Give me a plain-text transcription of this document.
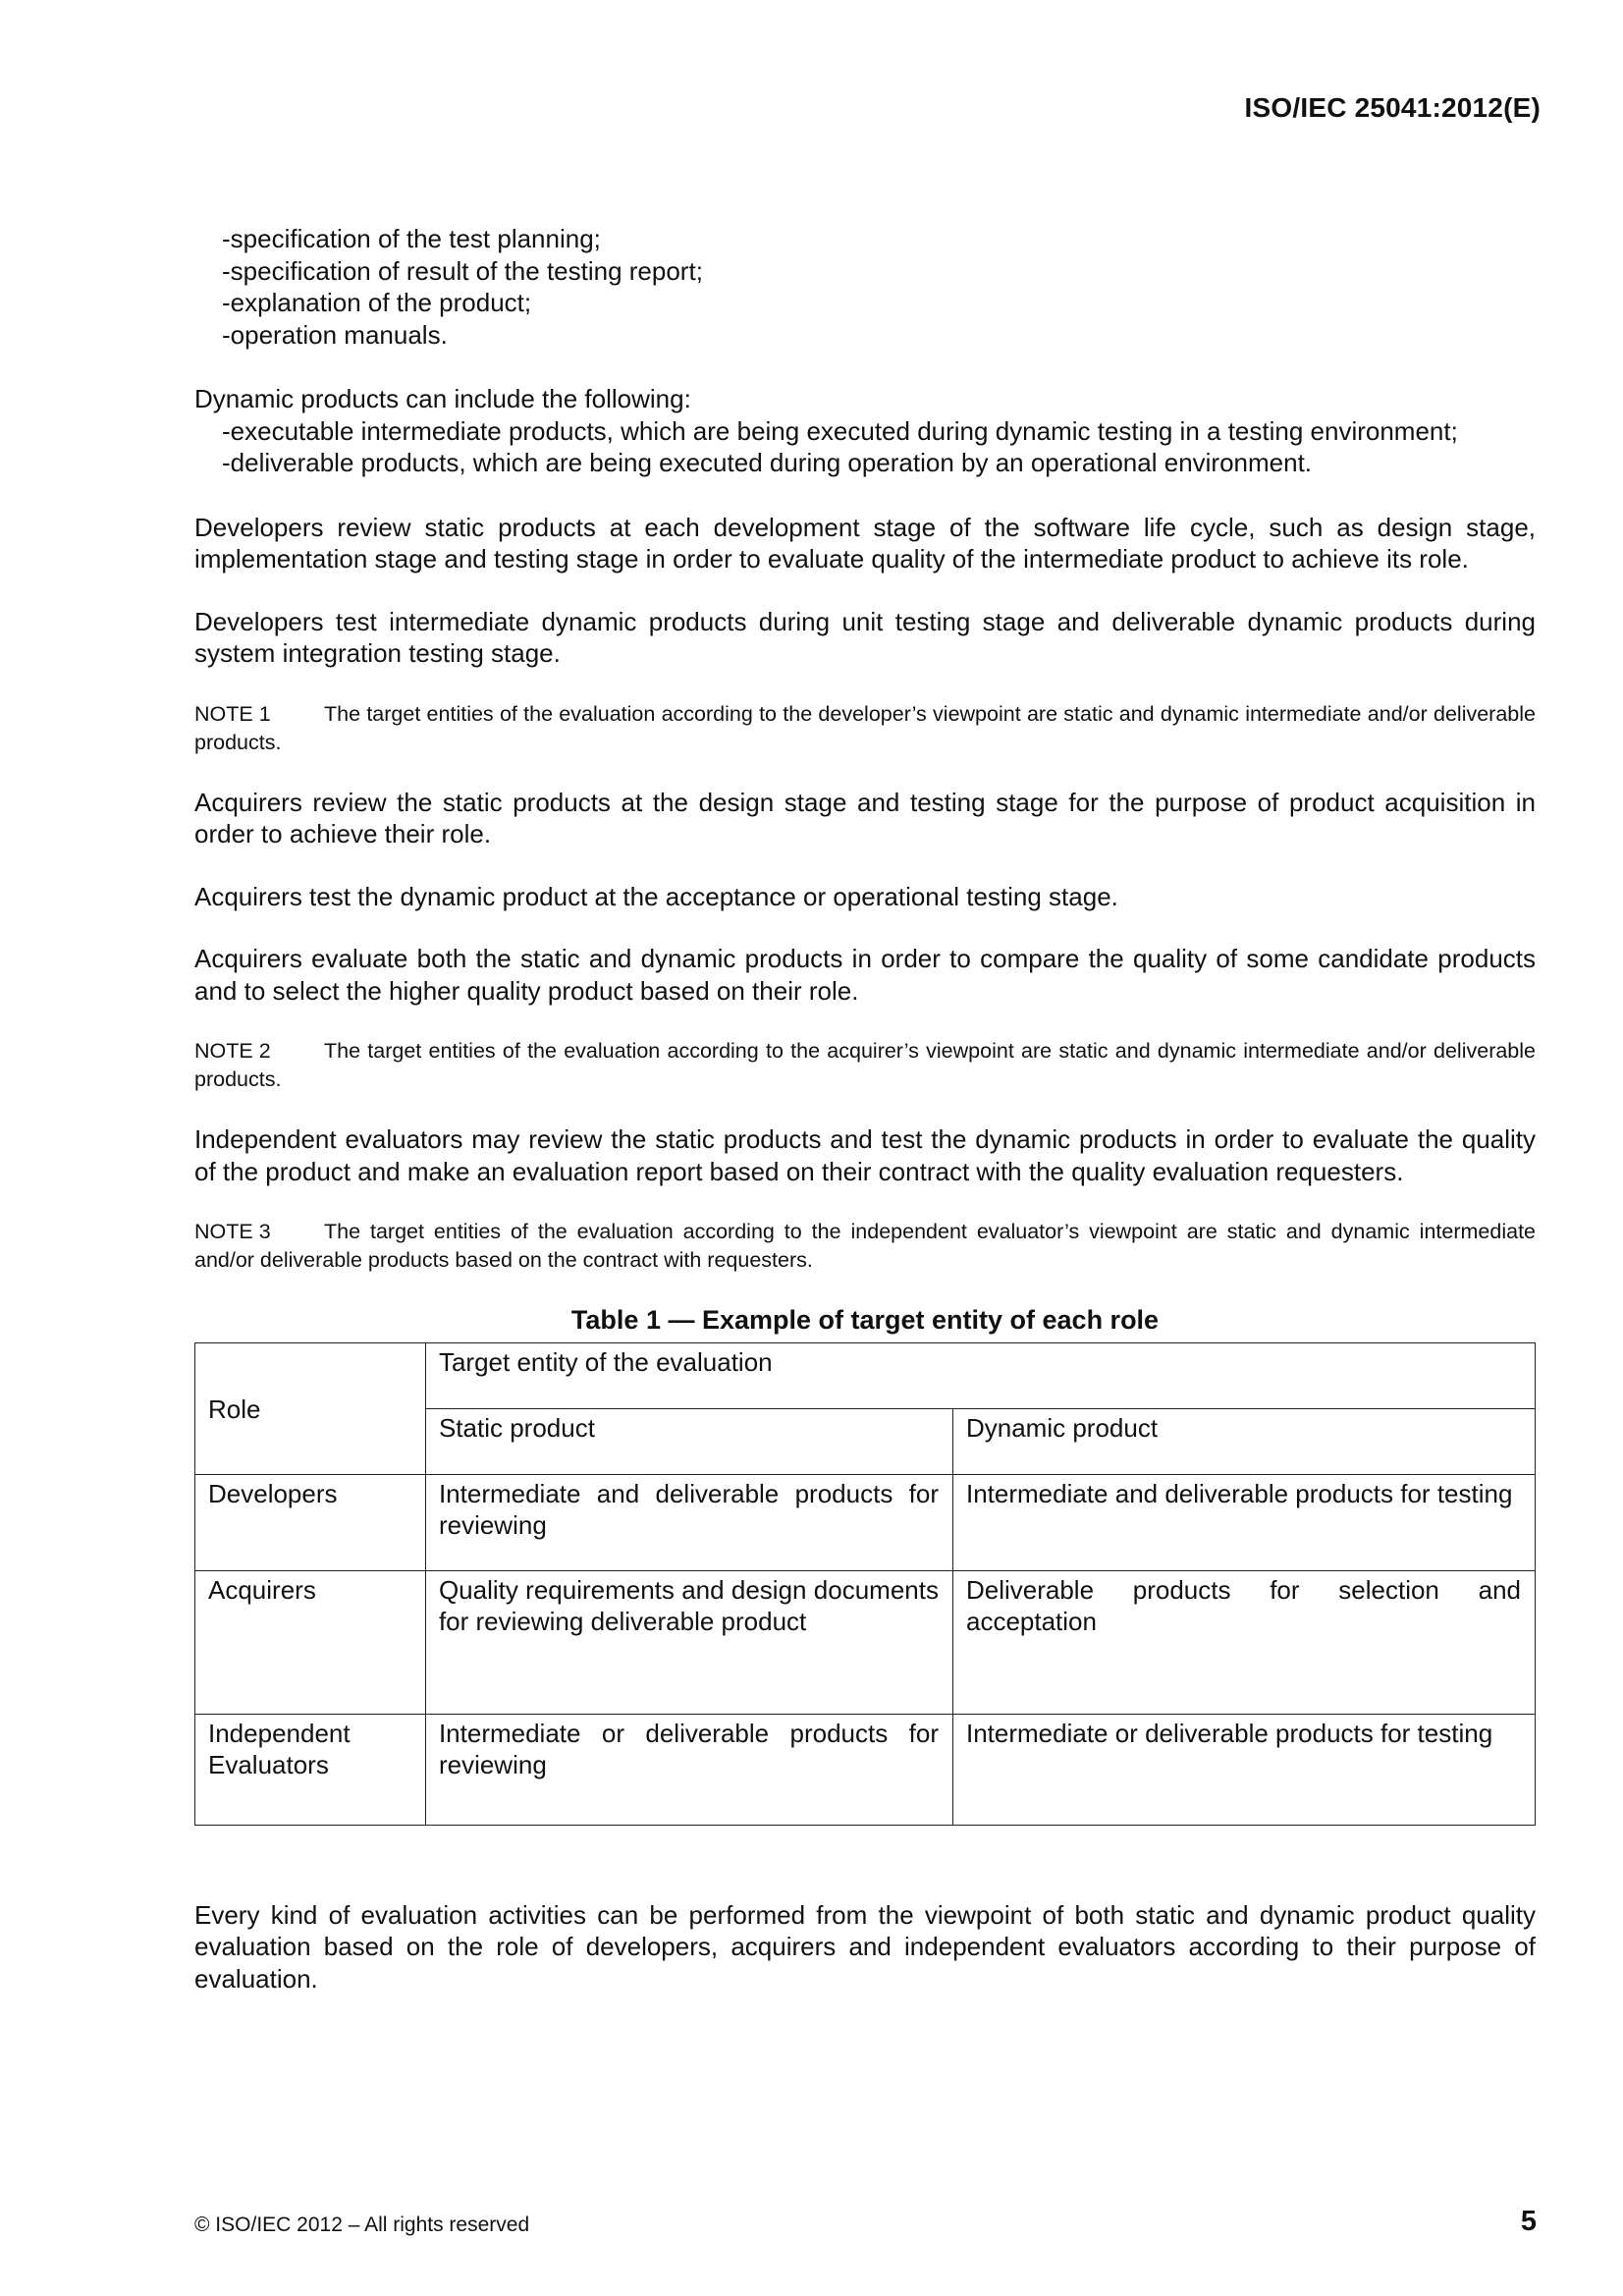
ISO/IEC 25041:2012(E)

-specification of the test planning;

-specification of result of the testing report;

-explanation of the product;

-operation manuals.

Dynamic products can include the following:

-executable intermediate products, which are being executed during dynamic testing in a testing environment;

-deliverable products, which are being executed during operation by an operational environment.

Developers review static products at each development stage of the software life cycle, such as design stage, implementation stage and testing stage in order to evaluate quality of the intermediate product to achieve its role.

Developers test intermediate dynamic products during unit testing stage and deliverable dynamic products during system integration testing stage.

NOTE 1	The target entities of the evaluation according to the developer’s viewpoint are static and dynamic intermediate and/or deliverable products.

Acquirers review the static products at the design stage and testing stage for the purpose of product acquisition in order to achieve their role.

Acquirers test the dynamic product at the acceptance or operational testing stage.

Acquirers evaluate both the static and dynamic products in order to compare the quality of some candidate products and to select the higher quality product based on their role.

NOTE 2	The target entities of the evaluation according to the acquirer’s viewpoint are static and dynamic intermediate and/or deliverable products.

Independent evaluators may review the static products and test the dynamic products in order to evaluate the quality of the product and make an evaluation report based on their contract with the quality evaluation requesters.

NOTE 3	The target entities of the evaluation according to the independent evaluator’s viewpoint are static and dynamic intermediate and/or deliverable products based on the contract with requesters.

Table 1 — Example of target entity of each role

Role	Target entity of the evaluation	
	Static product	Dynamic product
Developers	Intermediate and deliverable products for reviewing	Intermediate and deliverable products for testing
Acquirers	Quality requirements and design documents for reviewing deliverable product	Deliverable products for selection and acceptation
Independent Evaluators	Intermediate or deliverable products for reviewing	Intermediate or deliverable products for testing

Every kind of evaluation activities can be performed from the viewpoint of both static and dynamic product quality evaluation based on the role of developers, acquirers and independent evaluators according to their purpose of evaluation.

© ISO/IEC 2012 – All rights reserved	5
